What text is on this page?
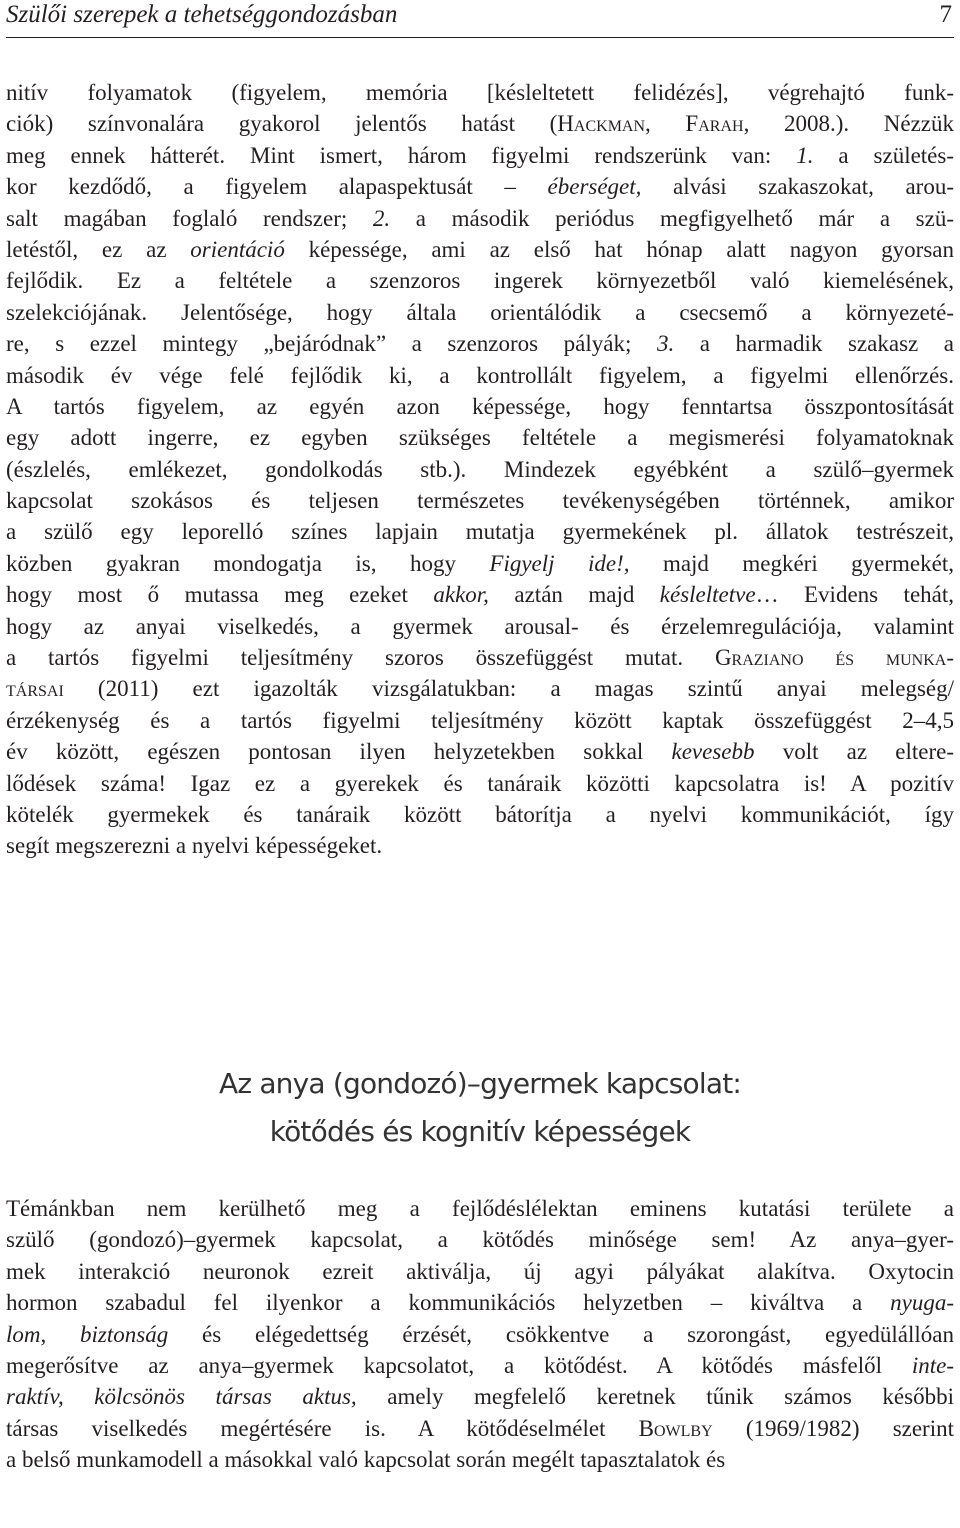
Szülői szerepek a tehetséggondozásban	7
nitív folyamatok (figyelem, memória [késleltetett felidézés], végrehajtó funk-
ciók) színvonalára gyakorol jelentős hatást (Hackman, Farah, 2008.). Nézzük
meg ennek hátterét. Mint ismert, három figyelmi rendszerünk van: 1. a születés-
kor kezdődő, a figyelem alapaspektusát – éberséget, alvási szakaszokat, arou-
salt magában foglaló rendszer; 2. a második periódus megfigyelhető már a szü-
letéstől, ez az orientáció képessége, ami az első hat hónap alatt nagyon gyorsan
fejlődik. Ez a feltétele a szenzoros ingerek környezetből való kiemelésének,
szelekciójának. Jelentősége, hogy általa orientálódik a csecsemő a környezeté-
re, s ezzel mintegy „bejáródnak” a szenzoros pályák; 3. a harmadik szakasz a
második év vége felé fejlődik ki, a kontrollált figyelem, a figyelmi ellenőrzés.
A tartós figyelem, az egyén azon képessége, hogy fenntartsa összpontosítását
egy adott ingerre, ez egyben szükséges feltétele a megismerési folyamatoknak
(észlelés, emlékezet, gondolkodás stb.). Mindezek egyébként a szülő–gyermek
kapcsolat szokásos és teljesen természetes tevékenységében történnek, amikor
a szülő egy leporelló színes lapjain mutatja gyermekének pl. állatok testrészeit,
közben gyakran mondogatja is, hogy Figyelj ide!, majd megkéri gyermekét,
hogy most ő mutassa meg ezeket akkor, aztán majd késleltetve… Evidens tehát,
hogy az anyai viselkedés, a gyermek arousal- és érzelemregulációja, valamint
a tartós figyelmi teljesítmény szoros összefüggést mutat. Graziano és munka-
társai (2011) ezt igazolták vizsgálatukban: a magas szintű anyai melegség/
érzékenység és a tartós figyelmi teljesítmény között kaptak összefüggést 2–4,5
év között, egészen pontosan ilyen helyzetekben sokkal kevesebb volt az eltere-
lődések száma! Igaz ez a gyerekek és tanáraik közötti kapcsolatra is! A pozitív
kötelék gyermekek és tanáraik között bátorítja a nyelvi kommunikációt, így
segít megszerezni a nyelvi képességeket.
Az anya (gondozó)–gyermek kapcsolat:
kötődés és kognitív képességek
Témánkban nem kerülhető meg a fejlődéslélektan eminens kutatási területe a
szülő (gondozó)–gyermek kapcsolat, a kötődés minősége sem! Az anya–gyer-
mek interakció neuronok ezreit aktiválja, új agyi pályákat alakítva. Oxytocin
hormon szabadul fel ilyenkor a kommunikációs helyzetben – kiváltva a nyuga-
lom, biztonság és elégedettség érzését, csökkentve a szorongást, egyedülállóan
megerősítve az anya–gyermek kapcsolatot, a kötődést. A kötődés másfelől inte-
raktív, kölcsönös társas aktus, amely megfelelő keretnek tűnik számos későbbi
társas viselkedés megértésére is. A kötődéselmélet Bowlby (1969/1982) szerint
a belső munkamodell a másokkal való kapcsolat során megélt tapasztalatok és
